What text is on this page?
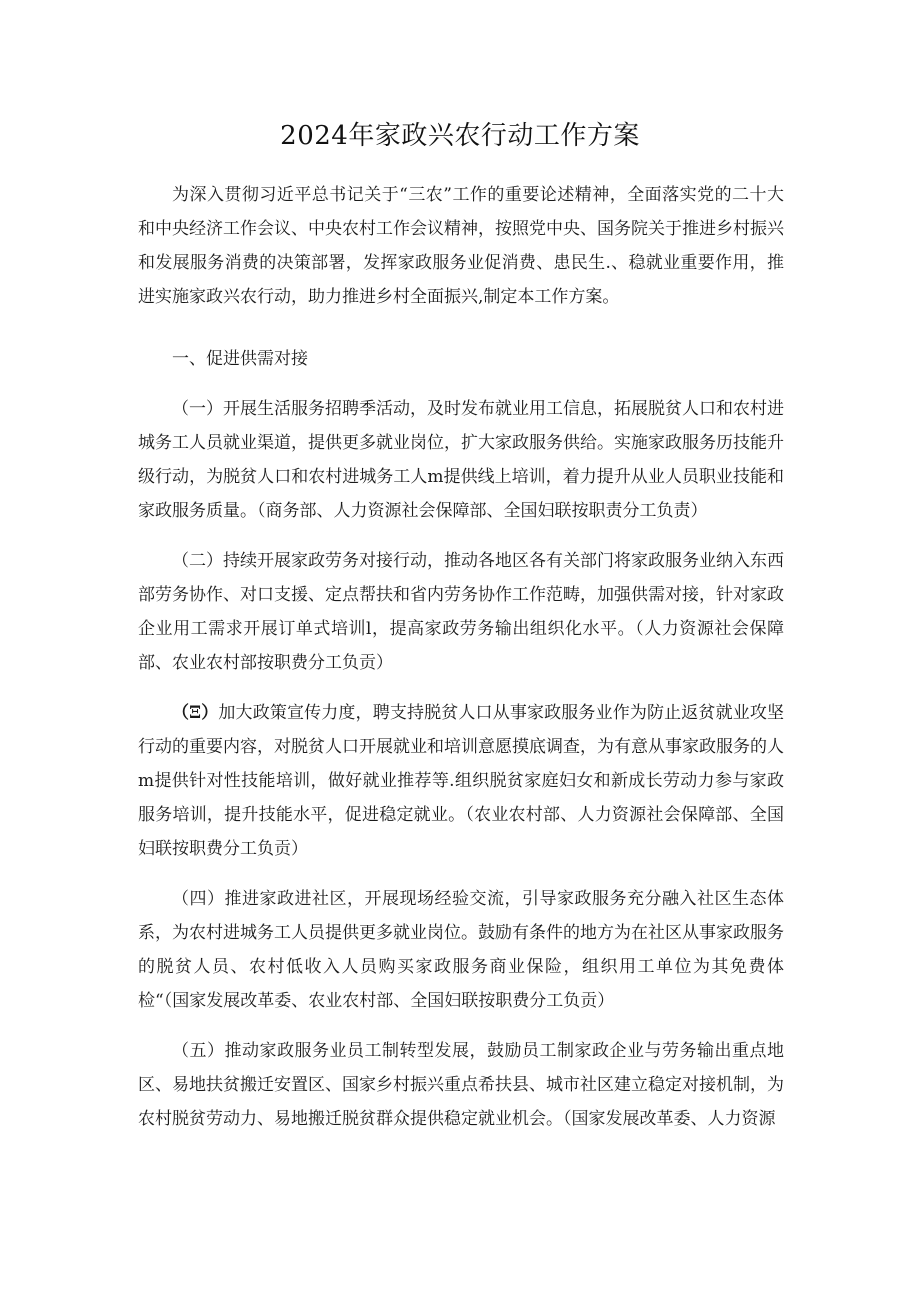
2024年家政兴农行动工作方案

为深入贯彻习近平总书记关于“三农”工作的重要论述精神，全面落实党的二十大和中央经济工作会议、中央农村工作会议精神，按照党中央、国务院关于推进乡村振兴和发展服务消费的决策部署，发挥家政服务业促消费、患民生.、稳就业重要作用，推进实施家政兴农行动，助力推进乡村全面振兴,制定本工作方案。

一、促进供需对接

（一）开展生活服务招聘季活动，及时发布就业用工信息，拓展脱贫人口和农村进城务工人员就业渠道，提供更多就业岗位，扩大家政服务供给。实施家政服务历技能升级行动，为脱贫人口和农村进城务工人m提供线上培训，着力提升从业人员职业技能和家政服务质量。（商务部、人力资源社会保障部、全国妇联按职责分工负责）

（二）持续开展家政劳务对接行动，推动各地区各有关部门将家政服务业纳入东西部劳务协作、对口支援、定点帮扶和省内劳务协作工作范畴，加强供需对接，针对家政企业用工需求开展订单式培训l，提高家政劳务输出组织化水平。（人力资源社会保障部、农业农村部按职费分工负贡）

（Ξ）加大政策宣传力度，聘支持脱贫人口从事家政服务业作为防止返贫就业攻坚行动的重要内容，对脱贫人口开展就业和培训意愿摸底调查，为有意从事家政服务的人m提供针对性技能培训，做好就业推荐等.组织脱贫家庭妇女和新成长劳动力参与家政服务培训，提升技能水平，促进稳定就业。（农业农村部、人力资源社会保障部、全国妇联按职费分工负贡）

（四）推进家政进社区，开展现场经验交流，引导家政服务充分融入社区生态体系，为农村进城务工人员提供更多就业岗位。鼓励有条件的地方为在社区从事家政服务的脱贫人员、农村低收入人员购买家政服务商业保险，组织用工单位为其免费体检“（国家发展改革委、农业农村部、全国妇联按职费分工负贡）

（五）推动家政服务业员工制转型发展，鼓励员工制家政企业与劳务输出重点地区、易地扶贫搬迁安置区、国家乡村振兴重点希扶县、城市社区建立稳定对接机制，为农村脱贫劳动力、易地搬迁脱贫群众提供稳定就业机会。（国家发展改革委、人力资源
